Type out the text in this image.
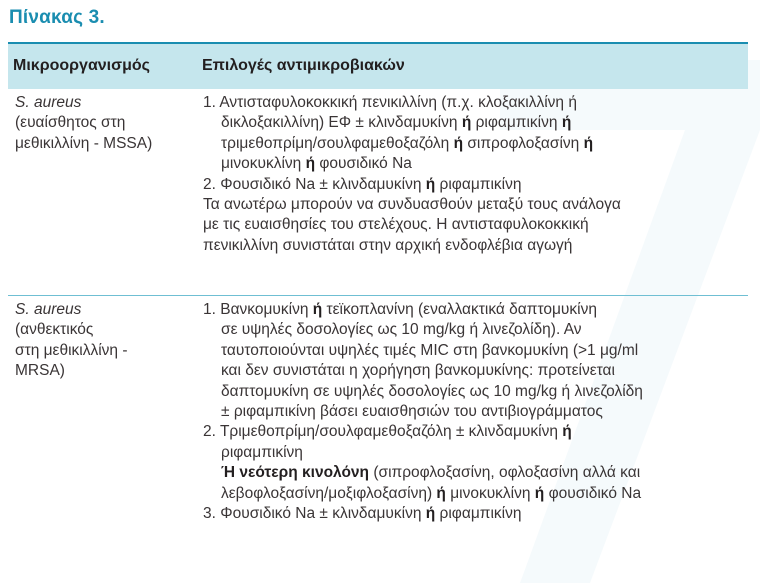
Πίνακας 3.
Μικροοργανισμός	Επιλογές αντιμικροβιακών
S. aureus
(ευαίσθητος στη
μεθικιλλίνη - MSSA)
1. Αντισταφυλοκοκκική πενικιλλίνη (π.χ. κλοξακιλλίνη ή
δικλοξακιλλίνη) ΕΦ ± κλινδαμυκίνη ή ριφαμπικίνη ή
τριμεθοπρίμη/σουλφαμεθοξαζόλη ή σιπροφλοξασίνη ή
μινοκυκλίνη ή φουσιδικό Na
2. Φουσιδικό Na ± κλινδαμυκίνη ή ριφαμπικίνη
Τα ανωτέρω μπορούν να συνδυασθούν μεταξύ τους ανάλογα
με τις ευαισθησίες του στελέχους. Η αντισταφυλοκοκκική
πενικιλλίνη συνιστάται στην αρχική ενδοφλέβια αγωγή
S. aureus
(ανθεκτικός
στη μεθικιλλίνη -
MRSA)
1. Βανκομυκίνη ή τεϊκοπλανίνη (εναλλακτικά δαπτομυκίνη
σε υψηλές δοσολογίες ως 10 mg/kg ή λινεζολίδη). Αν
ταυτοποιούνται υψηλές τιμές MIC στη βανκομυκίνη (>1 μg/ml
και δεν συνιστάται η χορήγηση βανκομυκίνης: προτείνεται
δαπτομυκίνη σε υψηλές δοσολογίες ως 10 mg/kg ή λινεζολίδη
± ριφαμπικίνη βάσει ευαισθησιών του αντιβιογράμματος
2. Τριμεθοπρίμη/σουλφαμεθοξαζόλη ± κλινδαμυκίνη ή
ριφαμπικίνη
Ή νεότερη κινολόνη (σιπροφλοξασίνη, οφλοξασίνη αλλά και
λεβοφλοξασίνη/μοξιφλοξασίνη) ή μινοκυκλίνη ή φουσιδικό Na
3. Φουσιδικό Na ± κλινδαμυκίνη ή ριφαμπικίνη
